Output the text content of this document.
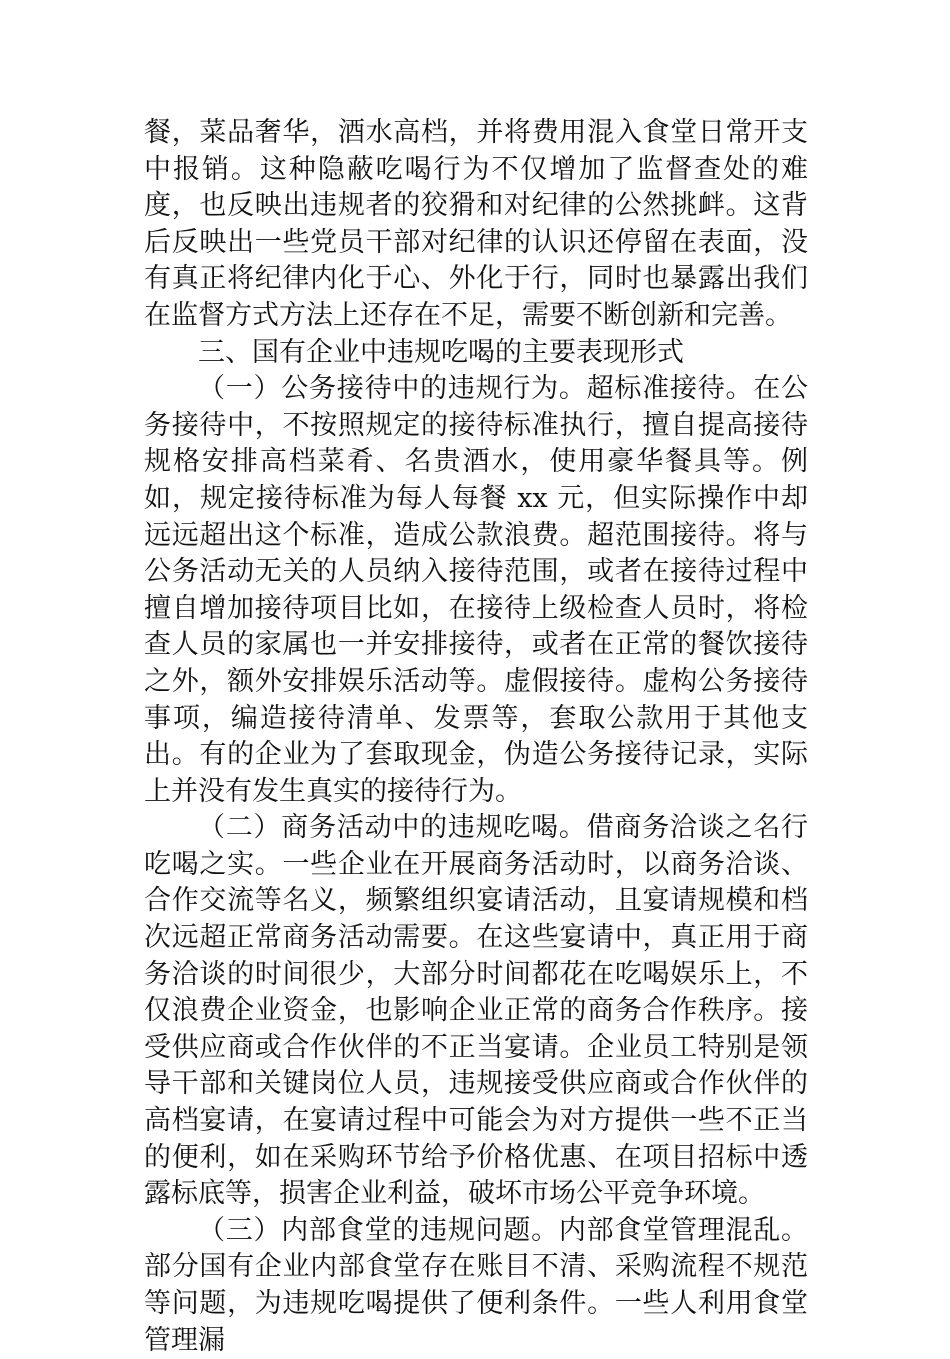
餐，菜品奢华，酒水高档，并将费用混入食堂日常开支中报销。这种隐蔽吃喝行为不仅增加了监督查处的难度，也反映出违规者的狡猾和对纪律的公然挑衅。这背后反映出一些党员干部对纪律的认识还停留在表面，没有真正将纪律内化于心、外化于行，同时也暴露出我们在监督方式方法上还存在不足，需要不断创新和完善。

三、国有企业中违规吃喝的主要表现形式

（一）公务接待中的违规行为。超标准接待。在公务接待中，不按照规定的接待标准执行，擅自提高接待规格安排高档菜肴、名贵酒水，使用豪华餐具等。例如，规定接待标准为每人每餐 xx 元，但实际操作中却远远超出这个标准，造成公款浪费。超范围接待。将与公务活动无关的人员纳入接待范围，或者在接待过程中擅自增加接待项目比如，在接待上级检查人员时，将检查人员的家属也一并安排接待，或者在正常的餐饮接待之外，额外安排娱乐活动等。虚假接待。虚构公务接待事项，编造接待清单、发票等，套取公款用于其他支出。有的企业为了套取现金，伪造公务接待记录，实际上并没有发生真实的接待行为。

（二）商务活动中的违规吃喝。借商务洽谈之名行吃喝之实。一些企业在开展商务活动时，以商务洽谈、合作交流等名义，频繁组织宴请活动，且宴请规模和档次远超正常商务活动需要。在这些宴请中，真正用于商务洽谈的时间很少，大部分时间都花在吃喝娱乐上，不仅浪费企业资金，也影响企业正常的商务合作秩序。接受供应商或合作伙伴的不正当宴请。企业员工特别是领导干部和关键岗位人员，违规接受供应商或合作伙伴的高档宴请，在宴请过程中可能会为对方提供一些不正当的便利，如在采购环节给予价格优惠、在项目招标中透露标底等，损害企业利益，破坏市场公平竞争环境。

（三）内部食堂的违规问题。内部食堂管理混乱。部分国有企业内部食堂存在账目不清、采购流程不规范等问题，为违规吃喝提供了便利条件。一些人利用食堂管理漏
